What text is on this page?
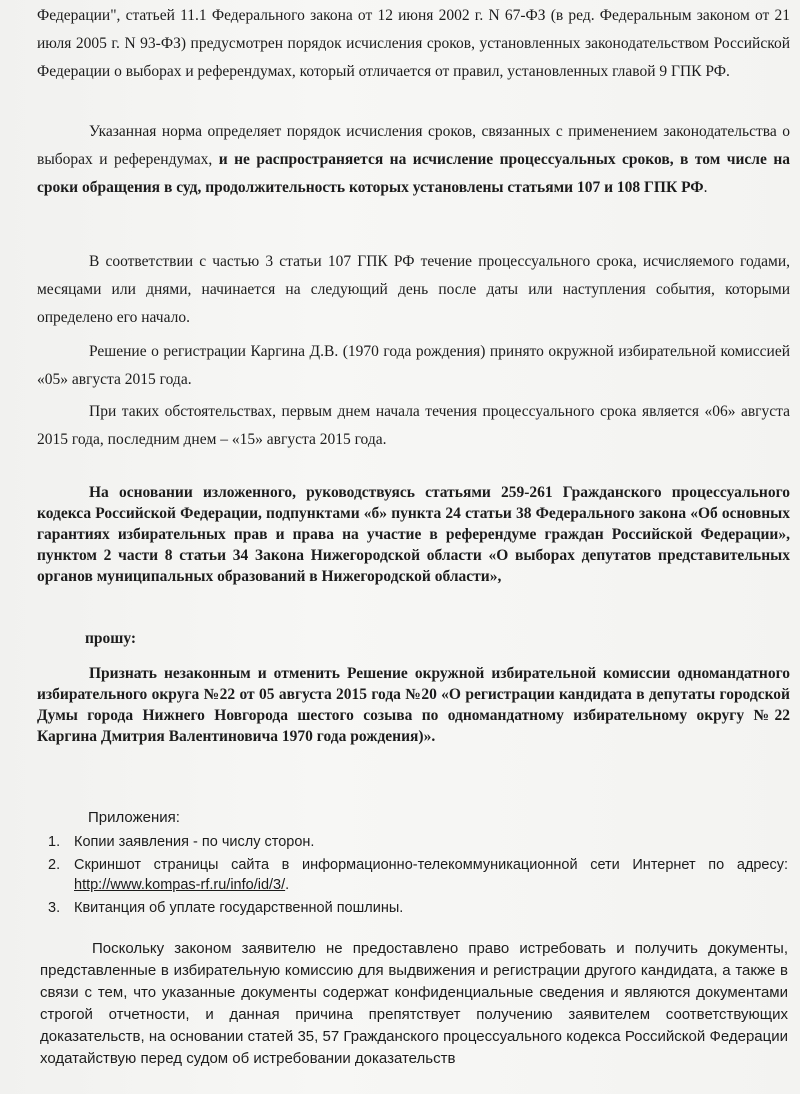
Федерации", статьей 11.1 Федерального закона от 12 июня 2002 г. N 67-ФЗ (в ред. Федеральным законом от 21 июля 2005 г. N 93-ФЗ) предусмотрен порядок исчисления сроков, установленных законодательством Российской Федерации о выборах и референдумах, который отличается от правил, установленных главой 9 ГПК РФ.

Указанная норма определяет порядок исчисления сроков, связанных с применением законодательства о выборах и референдумах, и не распространяется на исчисление процессуальных сроков, в том числе на сроки обращения в суд, продолжительность которых установлены статьями 107 и 108 ГПК РФ.
В соответствии с частью 3 статьи 107 ГПК РФ течение процессуального срока, исчисляемого годами, месяцами или днями, начинается на следующий день после даты или наступления события, которыми определено его начало.
Решение о регистрации Каргина Д.В. (1970 года рождения) принято окружной избирательной комиссией «05» августа 2015 года.
При таких обстоятельствах, первым днем начала течения процессуального срока является «06» августа 2015 года, последним днем – «15» августа 2015 года.
На основании изложенного, руководствуясь статьями 259-261 Гражданского процессуального кодекса Российской Федерации, подпунктами «б» пункта 24 статьи 38 Федерального закона «Об основных гарантиях избирательных прав и права на участие в референдуме граждан Российской Федерации», пунктом 2 части 8 статьи 34 Закона Нижегородской области «О выборах депутатов представительных органов муниципальных образований в Нижегородской области»,
прошу:
Признать незаконным и отменить Решение окружной избирательной комиссии одномандатного избирательного округа №22 от 05 августа 2015 года №20 «О регистрации кандидата в депутаты городской Думы города Нижнего Новгорода шестого созыва по одномандатному избирательному округу №22 Каргина Дмитрия Валентиновича 1970 года рождения)».

Приложения:

1. Копии заявления - по числу сторон.
2. Скриншот страницы сайта в информационно-телекоммуникационной сети Интернет по адресу: http://www.kompas-rf.ru/info/id/3/.
3. Квитанция об уплате государственной пошлины.
Поскольку законом заявителю не предоставлено право истребовать и получить документы, представленные в избирательную комиссию для выдвижения и регистрации другого кандидата, а также в связи с тем, что указанные документы содержат конфиденциальные сведения и являются документами строгой отчетности, и данная причина препятствует получению заявителем соответствующих доказательств, на основании статей 35, 57 Гражданского процессуального кодекса Российской Федерации ходатайствую перед судом об истребовании доказательств
